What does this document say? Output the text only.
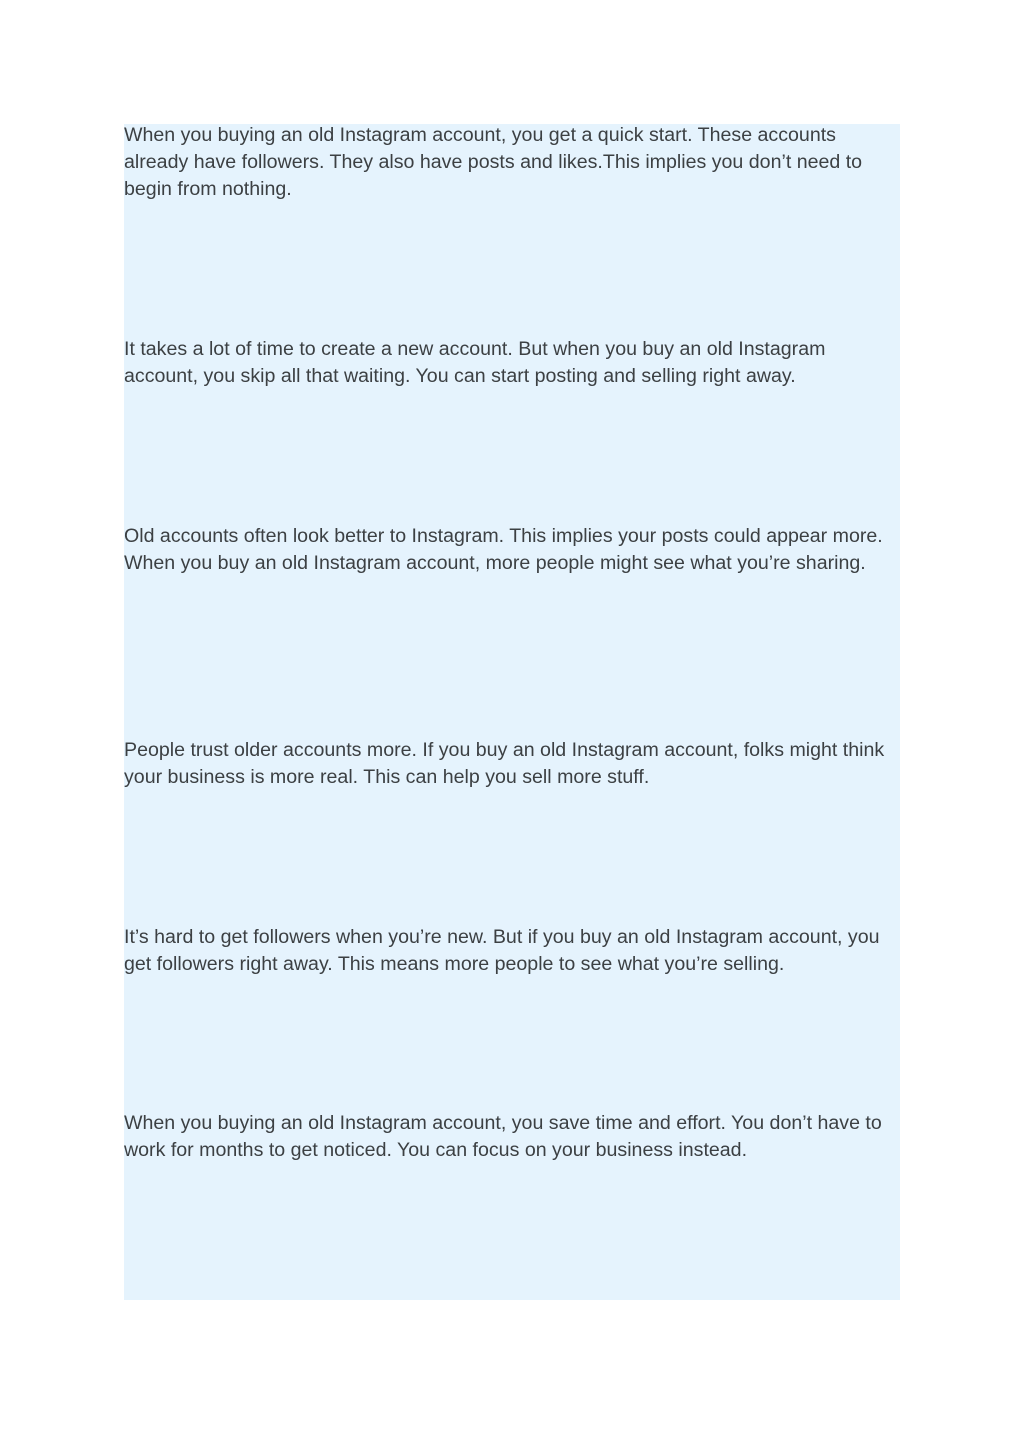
When you buying an old Instagram account, you get a quick start. These accounts already have followers. They also have posts and likes.This implies you don’t need to begin from nothing.

It takes a lot of time to create a new account. But when you buy an old Instagram account, you skip all that waiting. You can start posting and selling right away.

Old accounts often look better to Instagram. This implies your posts could appear more. When you buy an old Instagram account, more people might see what you’re sharing.

People trust older accounts more. If you buy an old Instagram account, folks might think your business is more real. This can help you sell more stuff.

It’s hard to get followers when you’re new. But if you buy an old Instagram account, you get followers right away. This means more people to see what you’re selling.

When you buying an old Instagram account, you save time and effort. You don’t have to work for months to get noticed. You can focus on your business instead.
